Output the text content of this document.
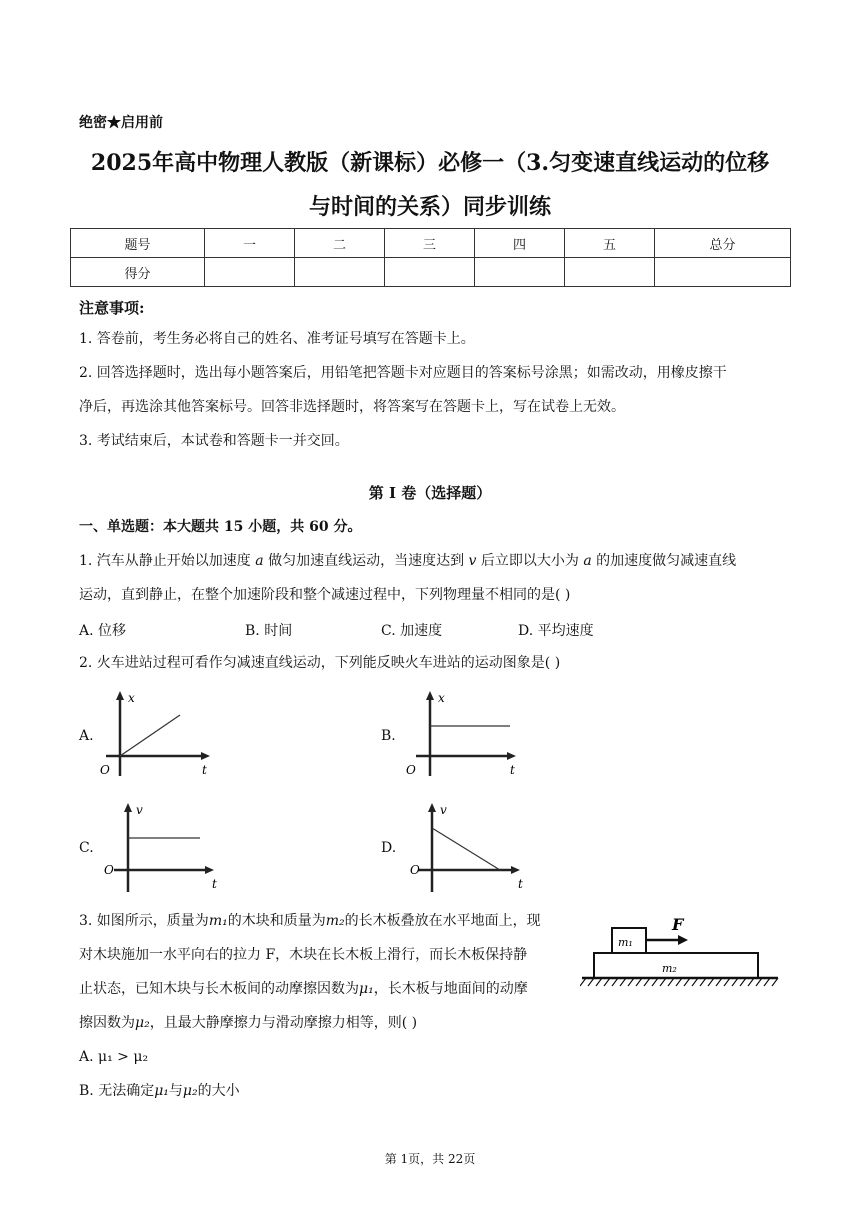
绝密★启用前
2025年高中物理人教版（新课标）必修一（3.匀变速直线运动的位移
与时间的关系）同步训练
题号	一	二	三	四	五	总分
得分						
注意事项:
1. 答卷前，考生务必将自己的姓名、准考证号填写在答题卡上。
2. 回答选择题时，选出每小题答案后，用铅笔把答题卡对应题目的答案标号涂黑；如需改动，用橡皮擦干
净后，再选涂其他答案标号。回答非选择题时，将答案写在答题卡上，写在试卷上无效。
3. 考试结束后，本试卷和答题卡一并交回。
第 I 卷（选择题）
一、单选题：本大题共 15 小题，共 60 分。
1. 汽车从静止开始以加速度 a 做匀加速直线运动，当速度达到 v 后立即以大小为 a 的加速度做匀减速直线
运动，直到静止，在整个加速阶段和整个减速过程中，下列物理量不相同的是( )
A. 位移	B. 时间	C. 加速度	D. 平均速度
2. 火车进站过程可看作匀减速直线运动，下列能反映火车进站的运动图象是( )
A.
x
O	t
B.
x
O	t
C.
v
O
t
D.
v
O
t
3. 如图所示，质量为m₁的木块和质量为m₂的长木板叠放在水平地面上，现
对木块施加一水平向右的拉力 F，木块在长木板上滑行，而长木板保持静
止状态，已知木块与长木板间的动摩擦因数为μ₁，长木板与地面间的动摩
擦因数为μ₂，且最大静摩擦力与滑动摩擦力相等，则( )
A. μ₁ > μ₂
B. 无法确定μ₁与μ₂的大小
m₁
F
m₂
第 1页，共 22页
